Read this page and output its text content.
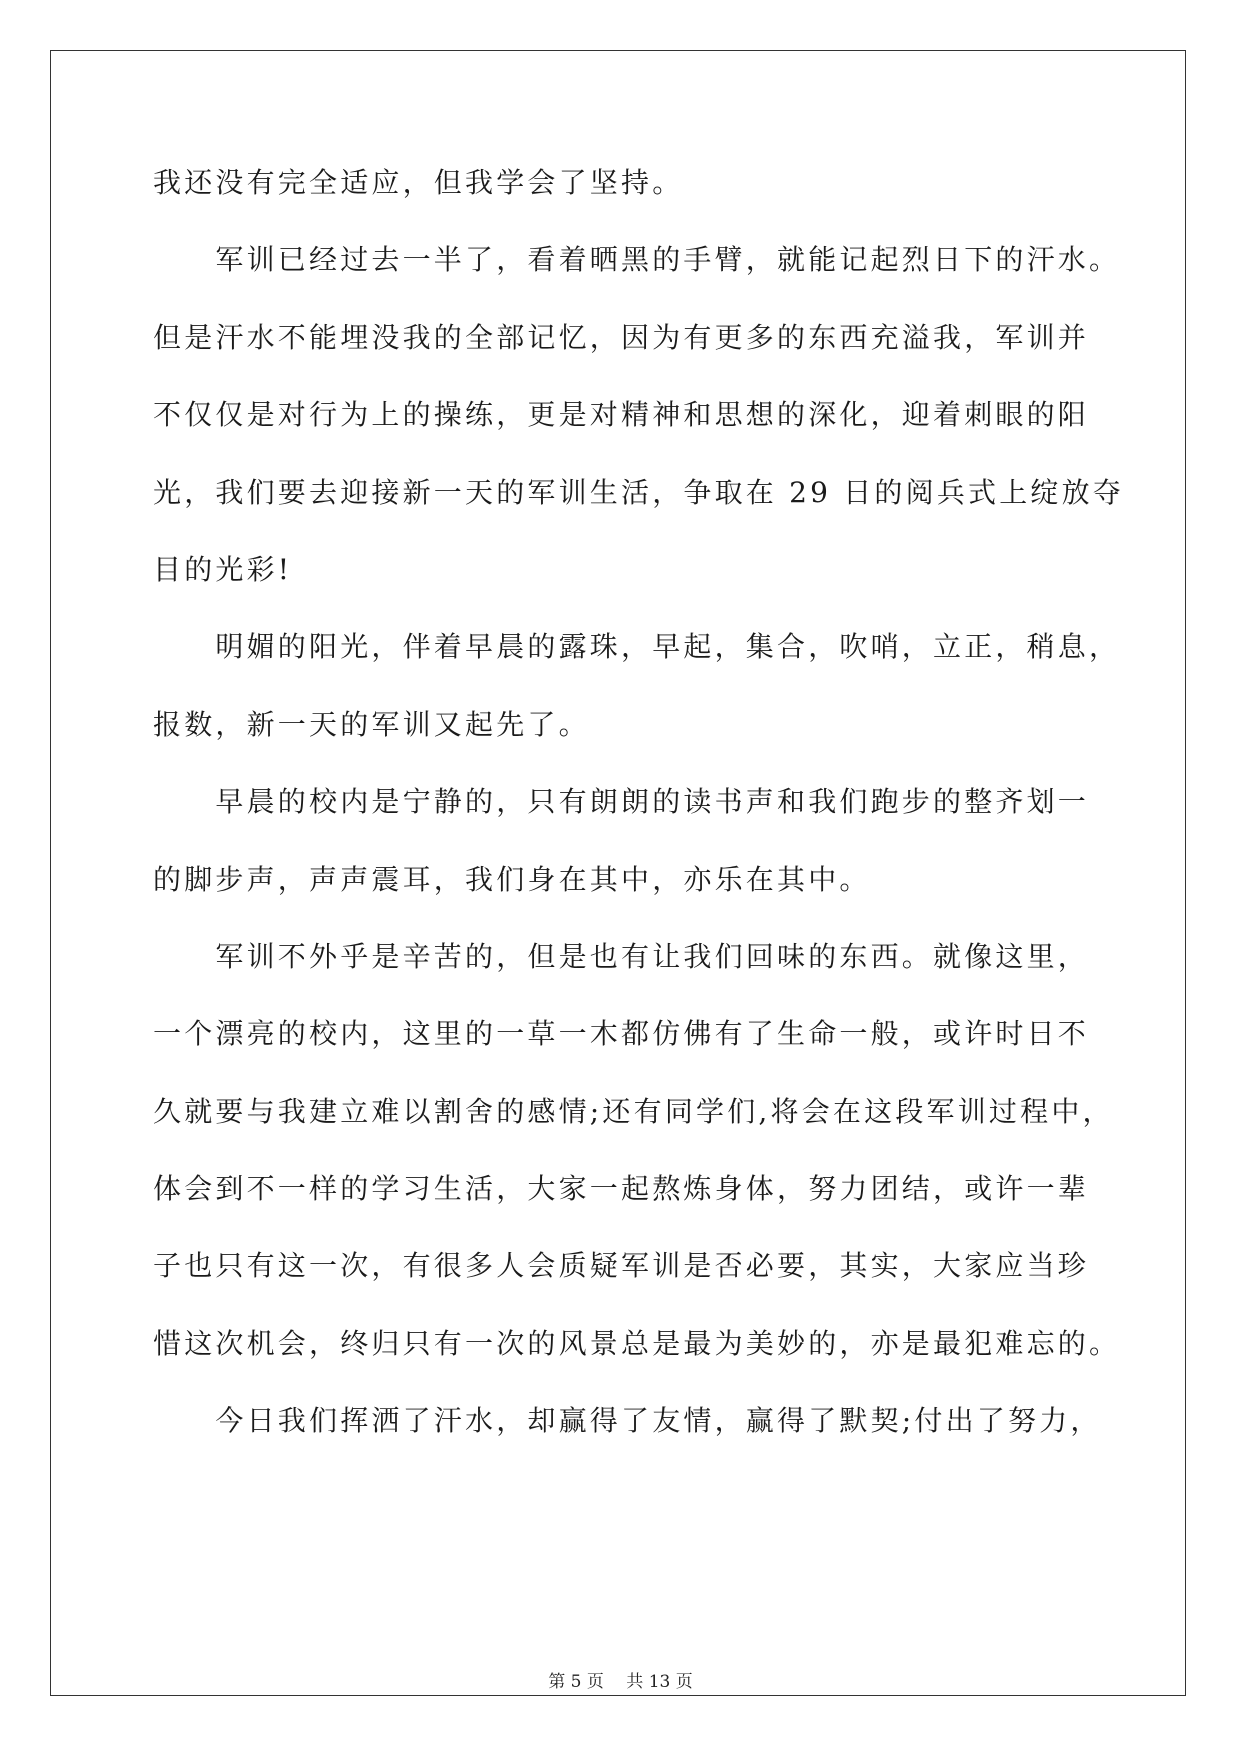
我还没有完全适应，但我学会了坚持。
　　军训已经过去一半了，看着晒黑的手臂，就能记起烈日下的汗水。
但是汗水不能埋没我的全部记忆，因为有更多的东西充溢我，军训并
不仅仅是对行为上的操练，更是对精神和思想的深化，迎着刺眼的阳
光，我们要去迎接新一天的军训生活，争取在 29 日的阅兵式上绽放夺
目的光彩!
　　明媚的阳光，伴着早晨的露珠，早起，集合，吹哨，立正，稍息，
报数，新一天的军训又起先了。
　　早晨的校内是宁静的，只有朗朗的读书声和我们跑步的整齐划一
的脚步声，声声震耳，我们身在其中，亦乐在其中。
　　军训不外乎是辛苦的，但是也有让我们回味的东西。就像这里，
一个漂亮的校内，这里的一草一木都仿佛有了生命一般，或许时日不
久就要与我建立难以割舍的感情;还有同学们,将会在这段军训过程中，
体会到不一样的学习生活，大家一起熬炼身体，努力团结，或许一辈
子也只有这一次，有很多人会质疑军训是否必要，其实，大家应当珍
惜这次机会，终归只有一次的风景总是最为美妙的，亦是最犯难忘的。
　　今日我们挥洒了汗水，却赢得了友情，赢得了默契;付出了努力，
第 5 页　 共 13 页
